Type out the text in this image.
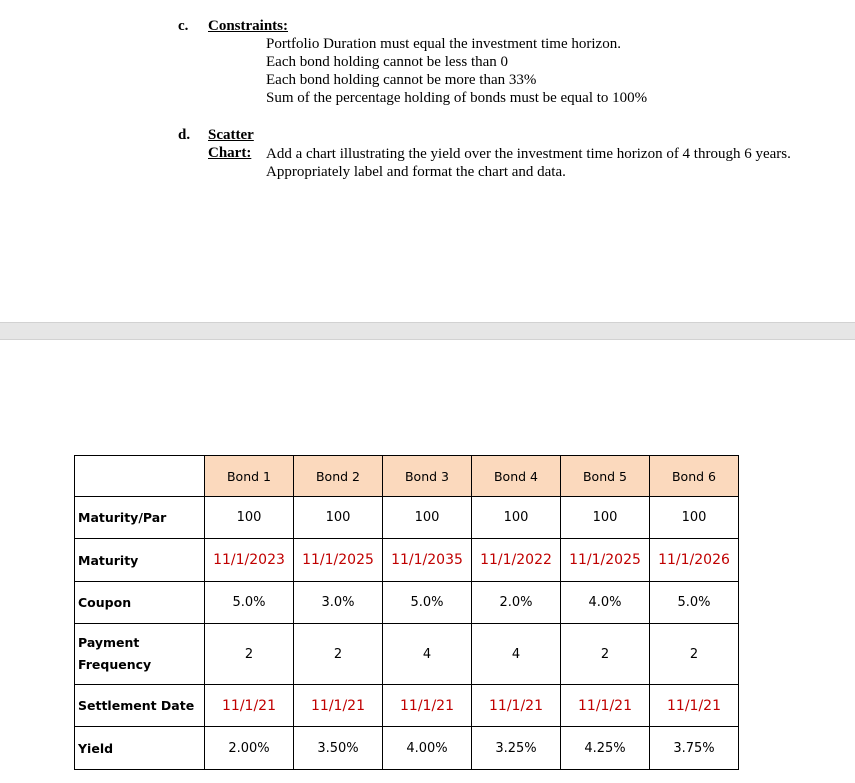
c. Constraints:
Portfolio Duration must equal the investment time horizon.
Each bond holding cannot be less than 0
Each bond holding cannot be more than 33%
Sum of the percentage holding of bonds must be equal to 100%
d. Scatter Chart: Add a chart illustrating the yield over the investment time horizon of 4 through 6 years.
Appropriately label and format the chart and data.
	Bond 1	Bond 2	Bond 3	Bond 4	Bond 5	Bond 6
Maturity/Par	100	100	100	100	100	100
Maturity	11/1/2023	11/1/2025	11/1/2035	11/1/2022	11/1/2025	11/1/2026
Coupon	5.0%	3.0%	5.0%	2.0%	4.0%	5.0%

Payment
Frequency	2	2	4	4	2	2
Settlement Date	11/1/21	11/1/21	11/1/21	11/1/21	11/1/21	11/1/21
Yield	2.00%	3.50%	4.00%	3.25%	4.25%	3.75%
